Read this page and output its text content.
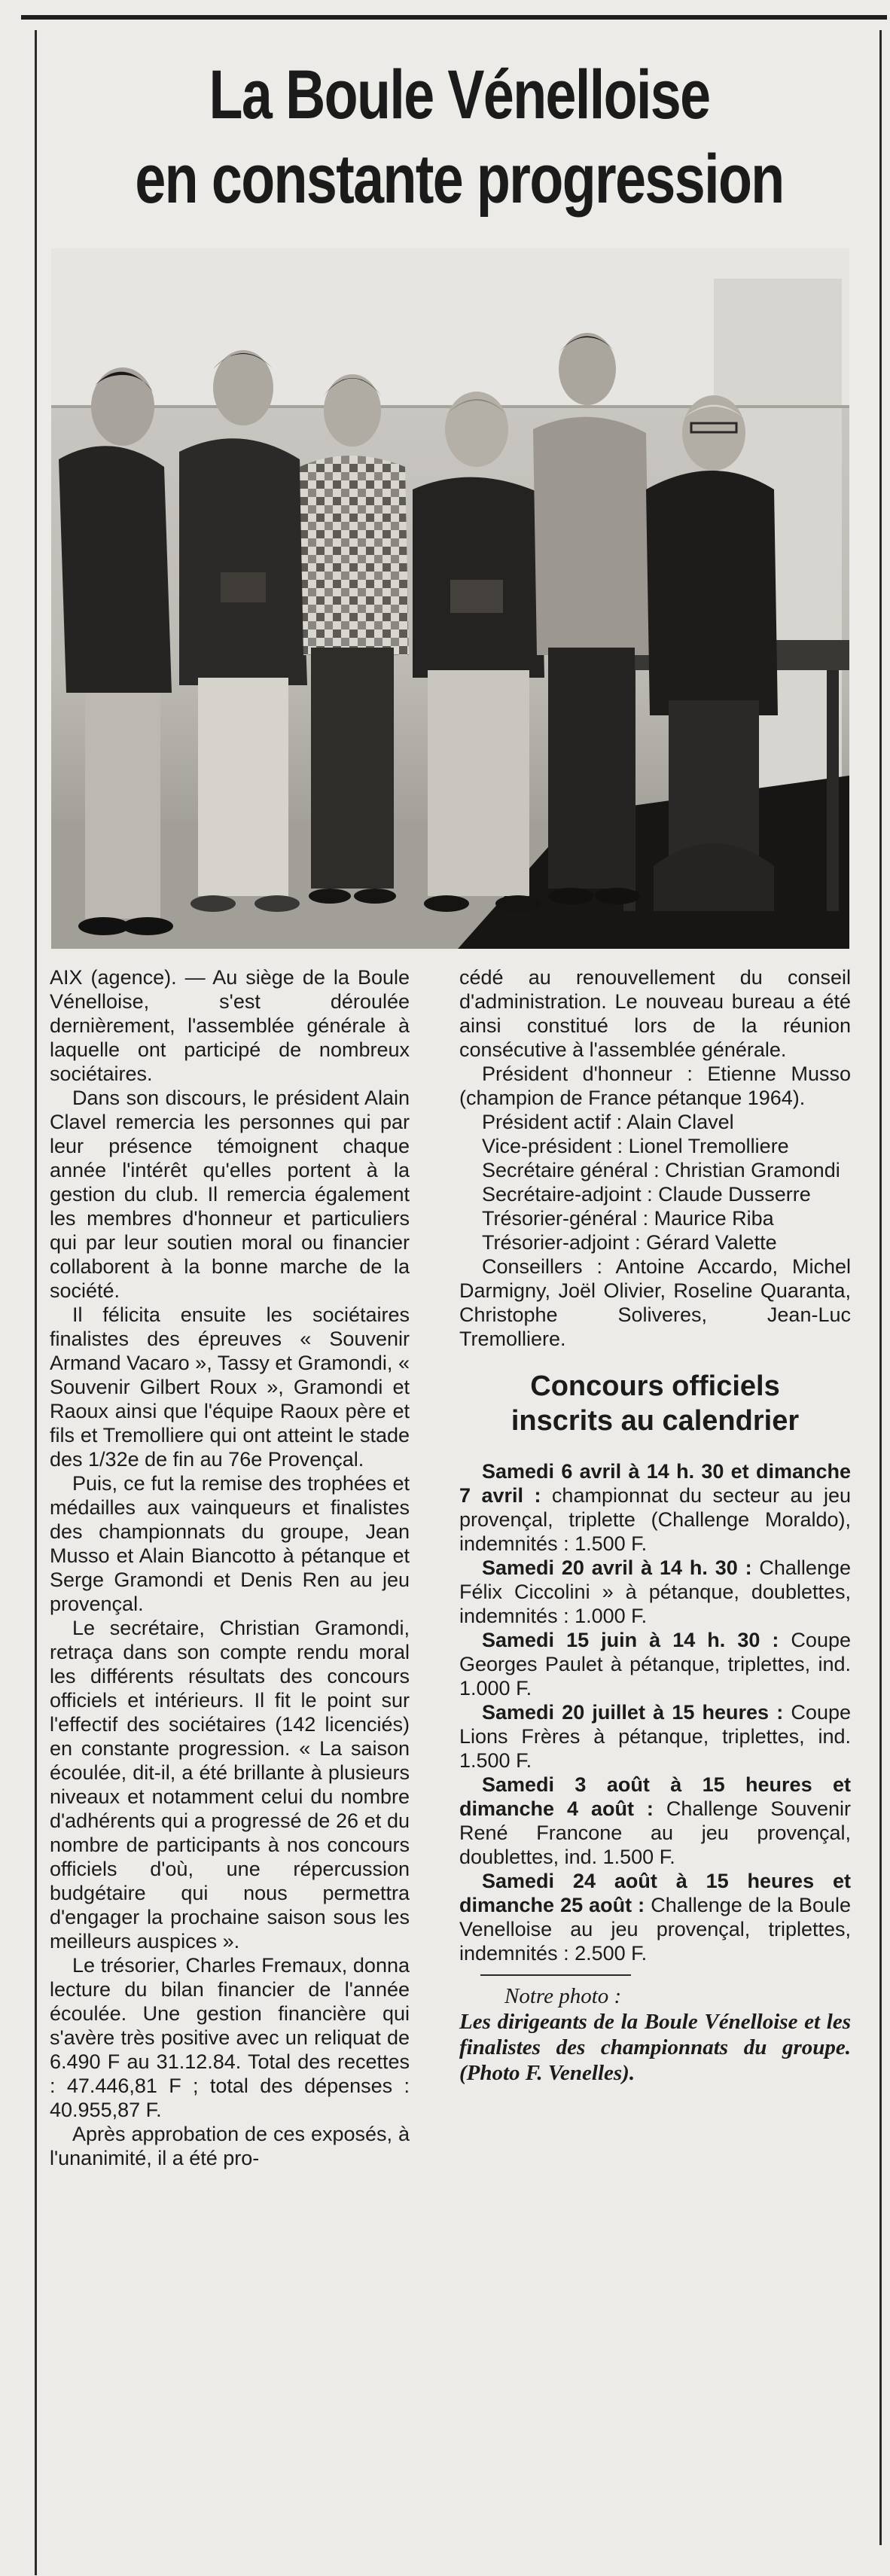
La Boule Vénelloise
en constante progression

AIX (agence). — Au siège de la Boule Vénelloise, s'est déroulée dernièrement, l'assemblée générale à laquelle ont participé de nombreux sociétaires.

Dans son discours, le président Alain Clavel remercia les personnes qui par leur présence témoignent chaque année l'intérêt qu'elles portent à la gestion du club. Il remercia également les membres d'honneur et particuliers qui par leur soutien moral ou financier collaborent à la bonne marche de la société.

Il félicita ensuite les sociétaires finalistes des épreuves « Souvenir Armand Vacaro », Tassy et Gramondi, « Souvenir Gilbert Roux », Gramondi et Raoux ainsi que l'équipe Raoux père et fils et Tremolliere qui ont atteint le stade des 1/32e de fin au 76e Provençal.

Puis, ce fut la remise des trophées et médailles aux vainqueurs et finalistes des championnats du groupe, Jean Musso et Alain Biancotto à pétanque et Serge Gramondi et Denis Ren au jeu provençal.

Le secrétaire, Christian Gramondi, retraça dans son compte rendu moral les différents résultats des concours officiels et intérieurs. Il fit le point sur l'effectif des sociétaires (142 licenciés) en constante progression. « La saison écoulée, dit-il, a été brillante à plusieurs niveaux et notamment celui du nombre d'adhérents qui a progressé de 26 et du nombre de participants à nos concours officiels d'où, une répercussion budgétaire qui nous permettra d'engager la prochaine saison sous les meilleurs auspices ».

Le trésorier, Charles Fremaux, donna lecture du bilan financier de l'année écoulée. Une gestion financière qui s'avère très positive avec un reliquat de 6.490 F au 31.12.84. Total des recettes : 47.446,81 F ; total des dépenses : 40.955,87 F.

Après approbation de ces exposés, à l'unanimité, il a été pro-

cédé au renouvellement du conseil d'administration. Le nouveau bureau a été ainsi constitué lors de la réunion consécutive à l'assemblée générale.

Président d'honneur : Etienne Musso (champion de France pétanque 1964).

Président actif : Alain Clavel

Vice-président : Lionel Tremolliere

Secrétaire général : Christian Gramondi

Secrétaire-adjoint : Claude Dusserre

Trésorier-général : Maurice Riba

Trésorier-adjoint : Gérard Valette

Conseillers : Antoine Accardo, Michel Darmigny, Joël Olivier, Roseline Quaranta, Christophe Soliveres, Jean-Luc Tremolliere.

Concours officiels
inscrits au calendrier

Samedi 6 avril à 14 h. 30 et dimanche 7 avril : championnat du secteur au jeu provençal, triplette (Challenge Moraldo), indemnités : 1.500 F.

Samedi 20 avril à 14 h. 30 : Challenge Félix Ciccolini » à pétanque, doublettes, indemnités : 1.000 F.

Samedi 15 juin à 14 h. 30 : Coupe Georges Paulet à pétanque, triplettes, ind. 1.000 F.

Samedi 20 juillet à 15 heures : Coupe Lions Frères à pétanque, triplettes, ind. 1.500 F.

Samedi 3 août à 15 heures et dimanche 4 août : Challenge Souvenir René Francone au jeu provençal, doublettes, ind. 1.500 F.

Samedi 24 août à 15 heures et dimanche 25 août : Challenge de la Boule Venelloise au jeu provençal, triplettes, indemnités : 2.500 F.

Notre photo :
Les dirigeants de la Boule Vénelloise et les finalistes des championnats du groupe. (Photo F. Venelles).
